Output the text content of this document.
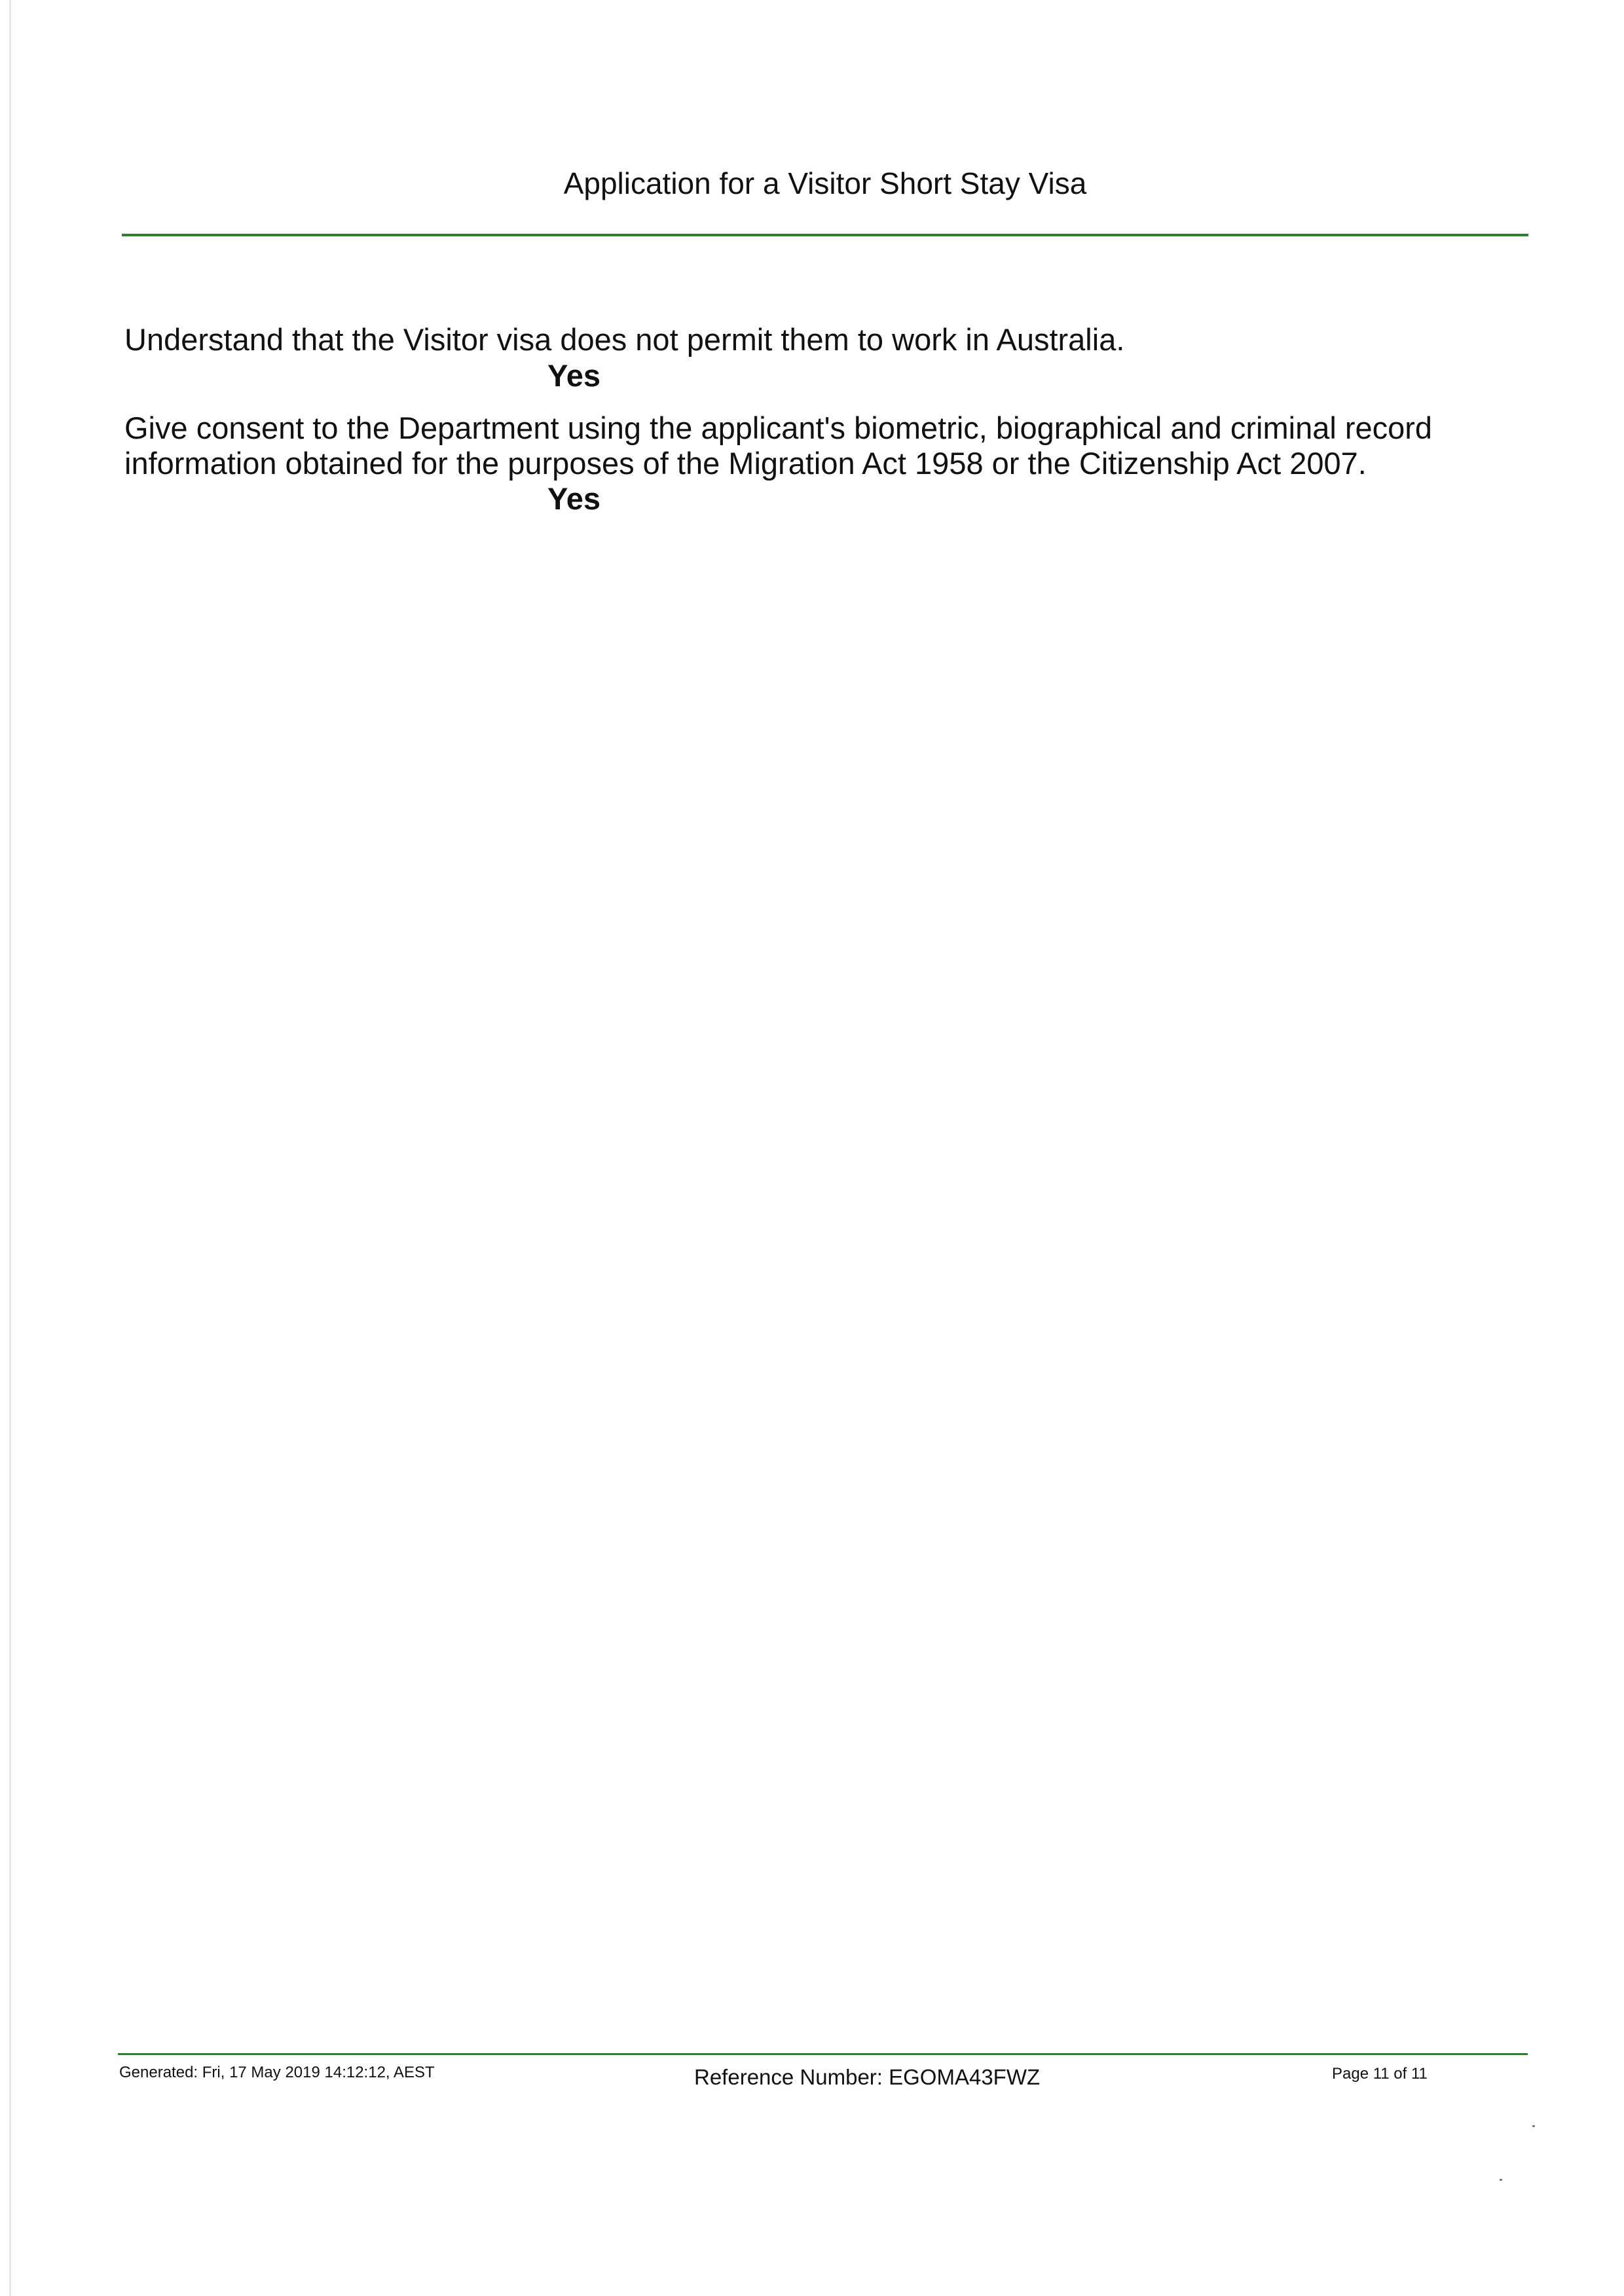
Application for a Visitor Short Stay Visa
Understand that the Visitor visa does not permit them to work in Australia.
Yes
Give consent to the Department using the applicant's biometric, biographical and criminal record
information obtained for the purposes of the Migration Act 1958 or the Citizenship Act 2007.
Yes
Generated: Fri, 17 May 2019 14:12:12, AEST	Reference Number: EGOMA43FWZ	Page 11 of 11
